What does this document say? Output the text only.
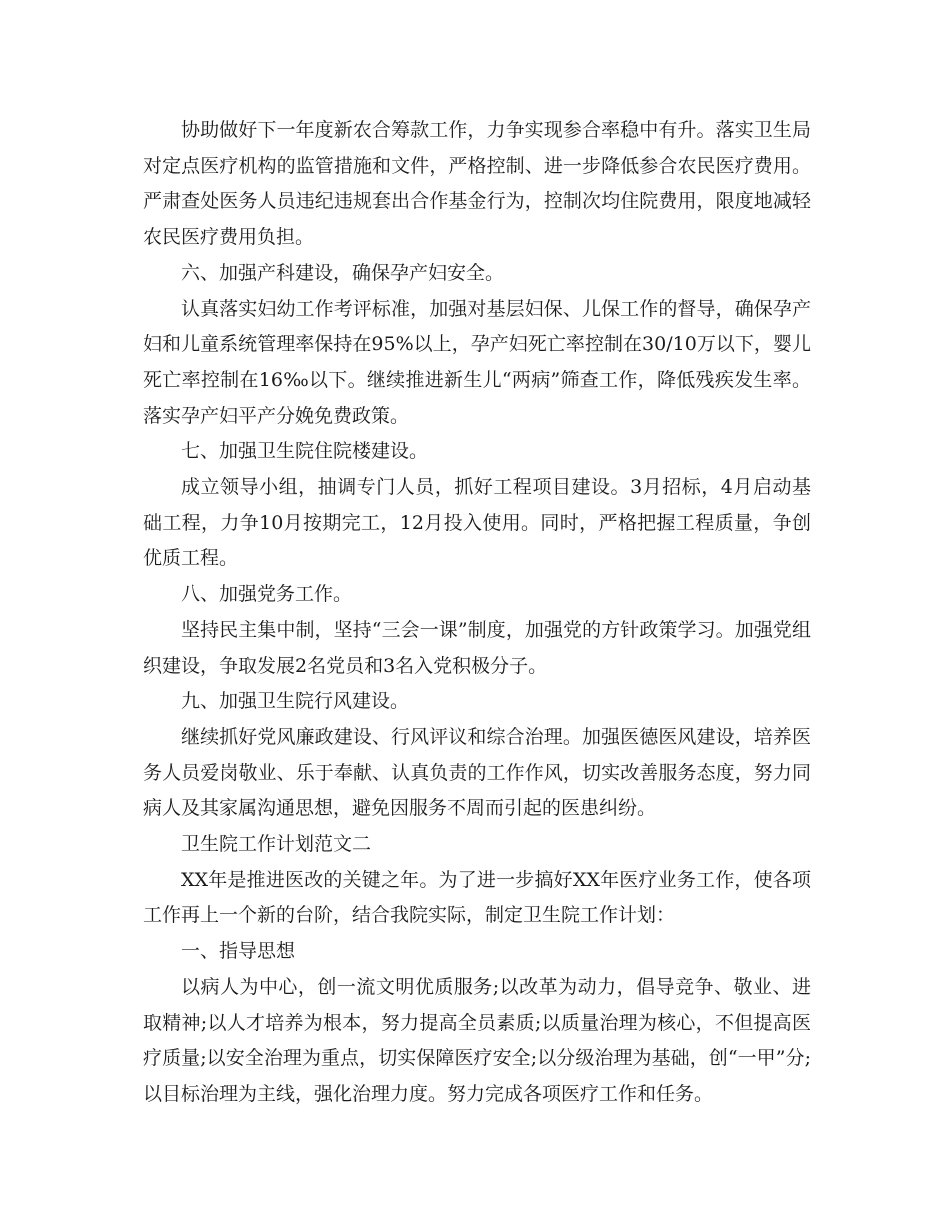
协助做好下一年度新农合筹款工作，力争实现参合率稳中有升。落实卫生局对定点医疗机构的监管措施和文件，严格控制、进一步降低参合农民医疗费用。严肃查处医务人员违纪违规套出合作基金行为，控制次均住院费用，限度地减轻农民医疗费用负担。

六、加强产科建设，确保孕产妇安全。

认真落实妇幼工作考评标准，加强对基层妇保、儿保工作的督导，确保孕产妇和儿童系统管理率保持在95%以上，孕产妇死亡率控制在30/10万以下，婴儿死亡率控制在16‰以下。继续推进新生儿“两病”筛查工作，降低残疾发生率。落实孕产妇平产分娩免费政策。

七、加强卫生院住院楼建设。

成立领导小组，抽调专门人员，抓好工程项目建设。3月招标，4月启动基础工程，力争10月按期完工，12月投入使用。同时，严格把握工程质量，争创优质工程。

八、加强党务工作。

坚持民主集中制，坚持“三会一课”制度，加强党的方针政策学习。加强党组织建设，争取发展2名党员和3名入党积极分子。

九、加强卫生院行风建设。

继续抓好党风廉政建设、行风评议和综合治理。加强医德医风建设，培养医务人员爱岗敬业、乐于奉献、认真负责的工作作风，切实改善服务态度，努力同病人及其家属沟通思想，避免因服务不周而引起的医患纠纷。

卫生院工作计划范文二

XX年是推进医改的关键之年。为了进一步搞好XX年医疗业务工作，使各项工作再上一个新的台阶，结合我院实际，制定卫生院工作计划：

一、指导思想

以病人为中心，创一流文明优质服务;以改革为动力，倡导竞争、敬业、进取精神;以人才培养为根本，努力提高全员素质;以质量治理为核心，不但提高医疗质量;以安全治理为重点，切实保障医疗安全;以分级治理为基础，创“一甲”分;以目标治理为主线，强化治理力度。努力完成各项医疗工作和任务。
